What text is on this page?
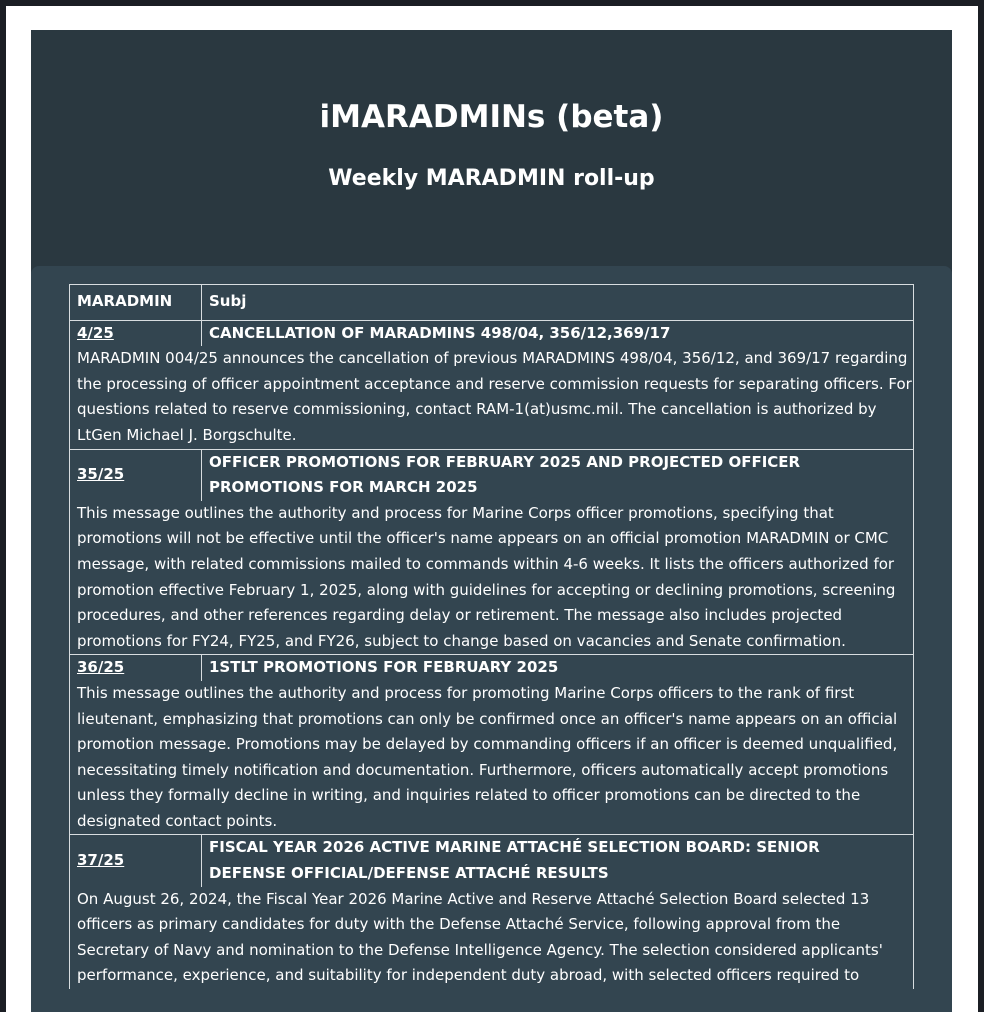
iMARADMINs (beta)
Weekly MARADMIN roll-up
MARADMIN	Subj
4/25	CANCELLATION OF MARADMINS 498/04, 356/12,369/17
MARADMIN 004/25 announces the cancellation of previous MARADMINS 498/04, 356/12, and 369/17 regarding the processing of officer appointment acceptance and reserve commission requests for separating officers. For questions related to reserve commissioning, contact RAM-1(at)usmc.mil. The cancellation is authorized by LtGen Michael J. Borgschulte.	
35/25	OFFICER PROMOTIONS FOR FEBRUARY 2025 AND PROJECTED OFFICER PROMOTIONS FOR MARCH 2025
This message outlines the authority and process for Marine Corps officer promotions, specifying that promotions will not be effective until the officer's name appears on an official promotion MARADMIN or CMC message, with related commissions mailed to commands within 4-6 weeks. It lists the officers authorized for promotion effective February 1, 2025, along with guidelines for accepting or declining promotions, screening procedures, and other references regarding delay or retirement. The message also includes projected promotions for FY24, FY25, and FY26, subject to change based on vacancies and Senate confirmation.	
36/25	1STLT PROMOTIONS FOR FEBRUARY 2025
This message outlines the authority and process for promoting Marine Corps officers to the rank of first lieutenant, emphasizing that promotions can only be confirmed once an officer's name appears on an official promotion message. Promotions may be delayed by commanding officers if an officer is deemed unqualified, necessitating timely notification and documentation. Furthermore, officers automatically accept promotions unless they formally decline in writing, and inquiries related to officer promotions can be directed to the designated contact points.	
37/25	FISCAL YEAR 2026 ACTIVE MARINE ATTACHÉ SELECTION BOARD: SENIOR DEFENSE OFFICIAL/DEFENSE ATTACHÉ RESULTS
On August 26, 2024, the Fiscal Year 2026 Marine Active and Reserve Attaché Selection Board selected 13 officers as primary candidates for duty with the Defense Attaché Service, following approval from the Secretary of Navy and nomination to the Defense Intelligence Agency. The selection considered applicants' performance, experience, and suitability for independent duty abroad, with selected officers required to	
